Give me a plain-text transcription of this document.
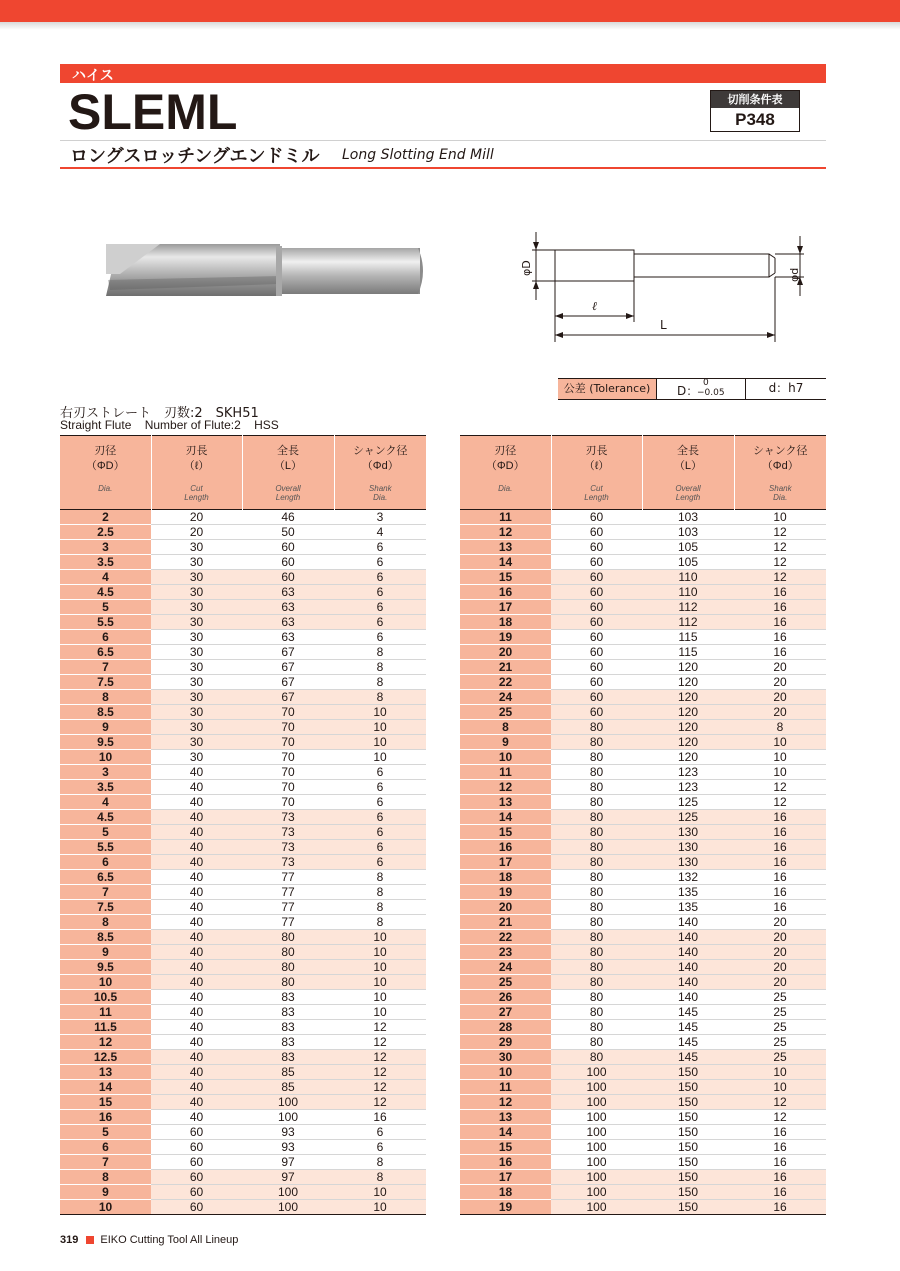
ハイス
SLEML	切削条件表
P348
ロングスロッチングエンドミル Long Slotting End Mill
φD	φd
ℓ
L
公差 (Tolerance)	D：
0
−0.05	d：h7
右刃ストレート　刃数:2　SKH51
Straight Flute    Number of Flute:2    HSS
刃径
（ΦD）
Dia.	刃長
（ℓ）
Cut
Length	全長
（L）
Overall
Length	シャンク径
（Φd）
Shank
Dia.

2	20	46	3
2.5	20	50	4
3	30	60	6
3.5	30	60	6
4	30	60	6
4.5	30	63	6
5	30	63	6
5.5	30	63	6
6	30	63	6
6.5	30	67	8
7	30	67	8
7.5	30	67	8
8	30	67	8
8.5	30	70	10
9	30	70	10
9.5	30	70	10
10	30	70	10
3	40	70	6
3.5	40	70	6
4	40	70	6
4.5	40	73	6
5	40	73	6
5.5	40	73	6
6	40	73	6
6.5	40	77	8
7	40	77	8
7.5	40	77	8
8	40	77	8
8.5	40	80	10
9	40	80	10
9.5	40	80	10
10	40	80	10
10.5	40	83	10
11	40	83	10
11.5	40	83	12
12	40	83	12
12.5	40	83	12
13	40	85	12
14	40	85	12
15	40	100	12
16	40	100	16
5	60	93	6
6	60	93	6
7	60	97	8
8	60	97	8
9	60	100	10
10	60	100	10
刃径
（ΦD）
Dia.	刃長
（ℓ）
Cut
Length	全長
（L）
Overall
Length	シャンク径
（Φd）
Shank
Dia.

11	60	103	10
12	60	103	12
13	60	105	12
14	60	105	12
15	60	110	12
16	60	110	16
17	60	112	16
18	60	112	16
19	60	115	16
20	60	115	16
21	60	120	20
22	60	120	20
24	60	120	20
25	60	120	20
8	80	120	8
9	80	120	10
10	80	120	10
11	80	123	10
12	80	123	12
13	80	125	12
14	80	125	16
15	80	130	16
16	80	130	16
17	80	130	16
18	80	132	16
19	80	135	16
20	80	135	16
21	80	140	20
22	80	140	20
23	80	140	20
24	80	140	20
25	80	140	20
26	80	140	25
27	80	145	25
28	80	145	25
29	80	145	25
30	80	145	25
10	100	150	10
11	100	150	10
12	100	150	12
13	100	150	12
14	100	150	16
15	100	150	16
16	100	150	16
17	100	150	16
18	100	150	16
19	100	150	16
319 EIKO Cutting Tool All Lineup
